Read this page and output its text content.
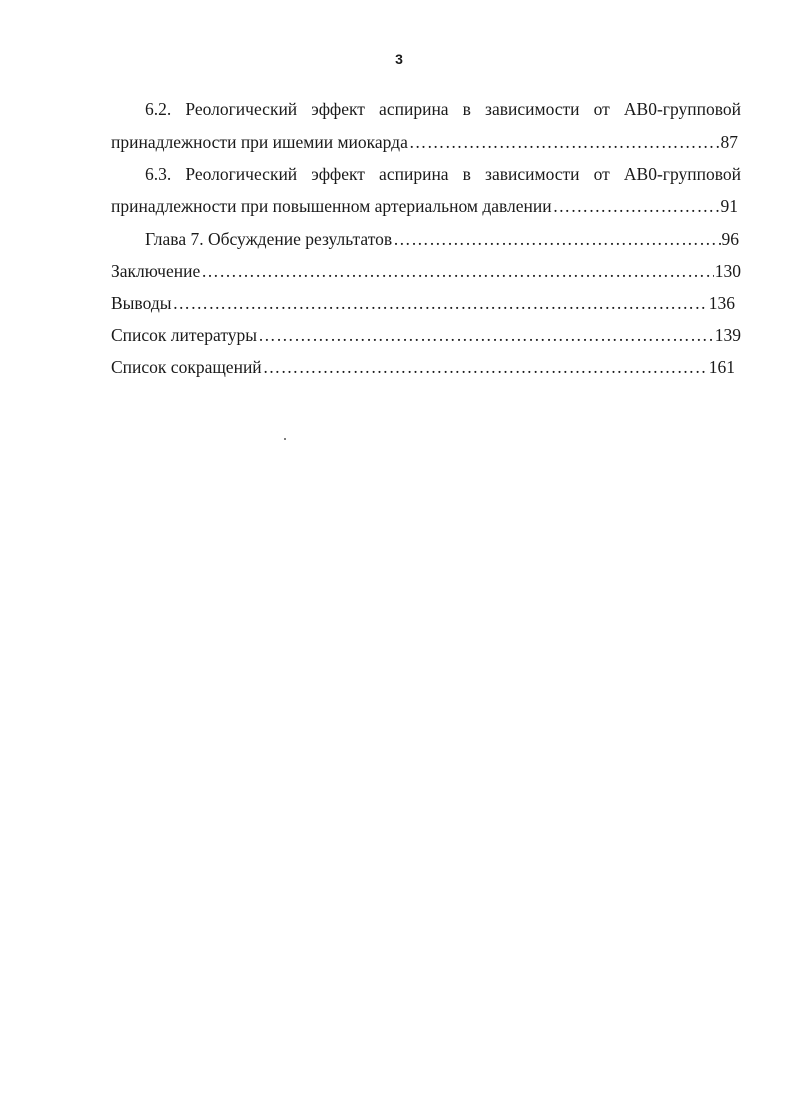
3
6.2. Реологический эффект аспирина в зависимости от АВ0-групповой
принадлежности при ишемии миокарда …………………………………………………………………………………………………………………………………………………………	87
6.3. Реологический эффект аспирина в зависимости от АВ0-групповой
принадлежности при повышенном артериальном давлении …………………………………………………………………………………………………………………………………………………………	91
Глава 7. Обсуждение результатов …………………………………………………………………………………………………………………………………………………………	96
Заключение …………………………………………………………………………………………………………………………………………………………	130
Выводы …………………………………………………………………………………………………………………………………………………………	136
Список литературы …………………………………………………………………………………………………………………………………………………………	139
Список сокращений …………………………………………………………………………………………………………………………………………………………	161
